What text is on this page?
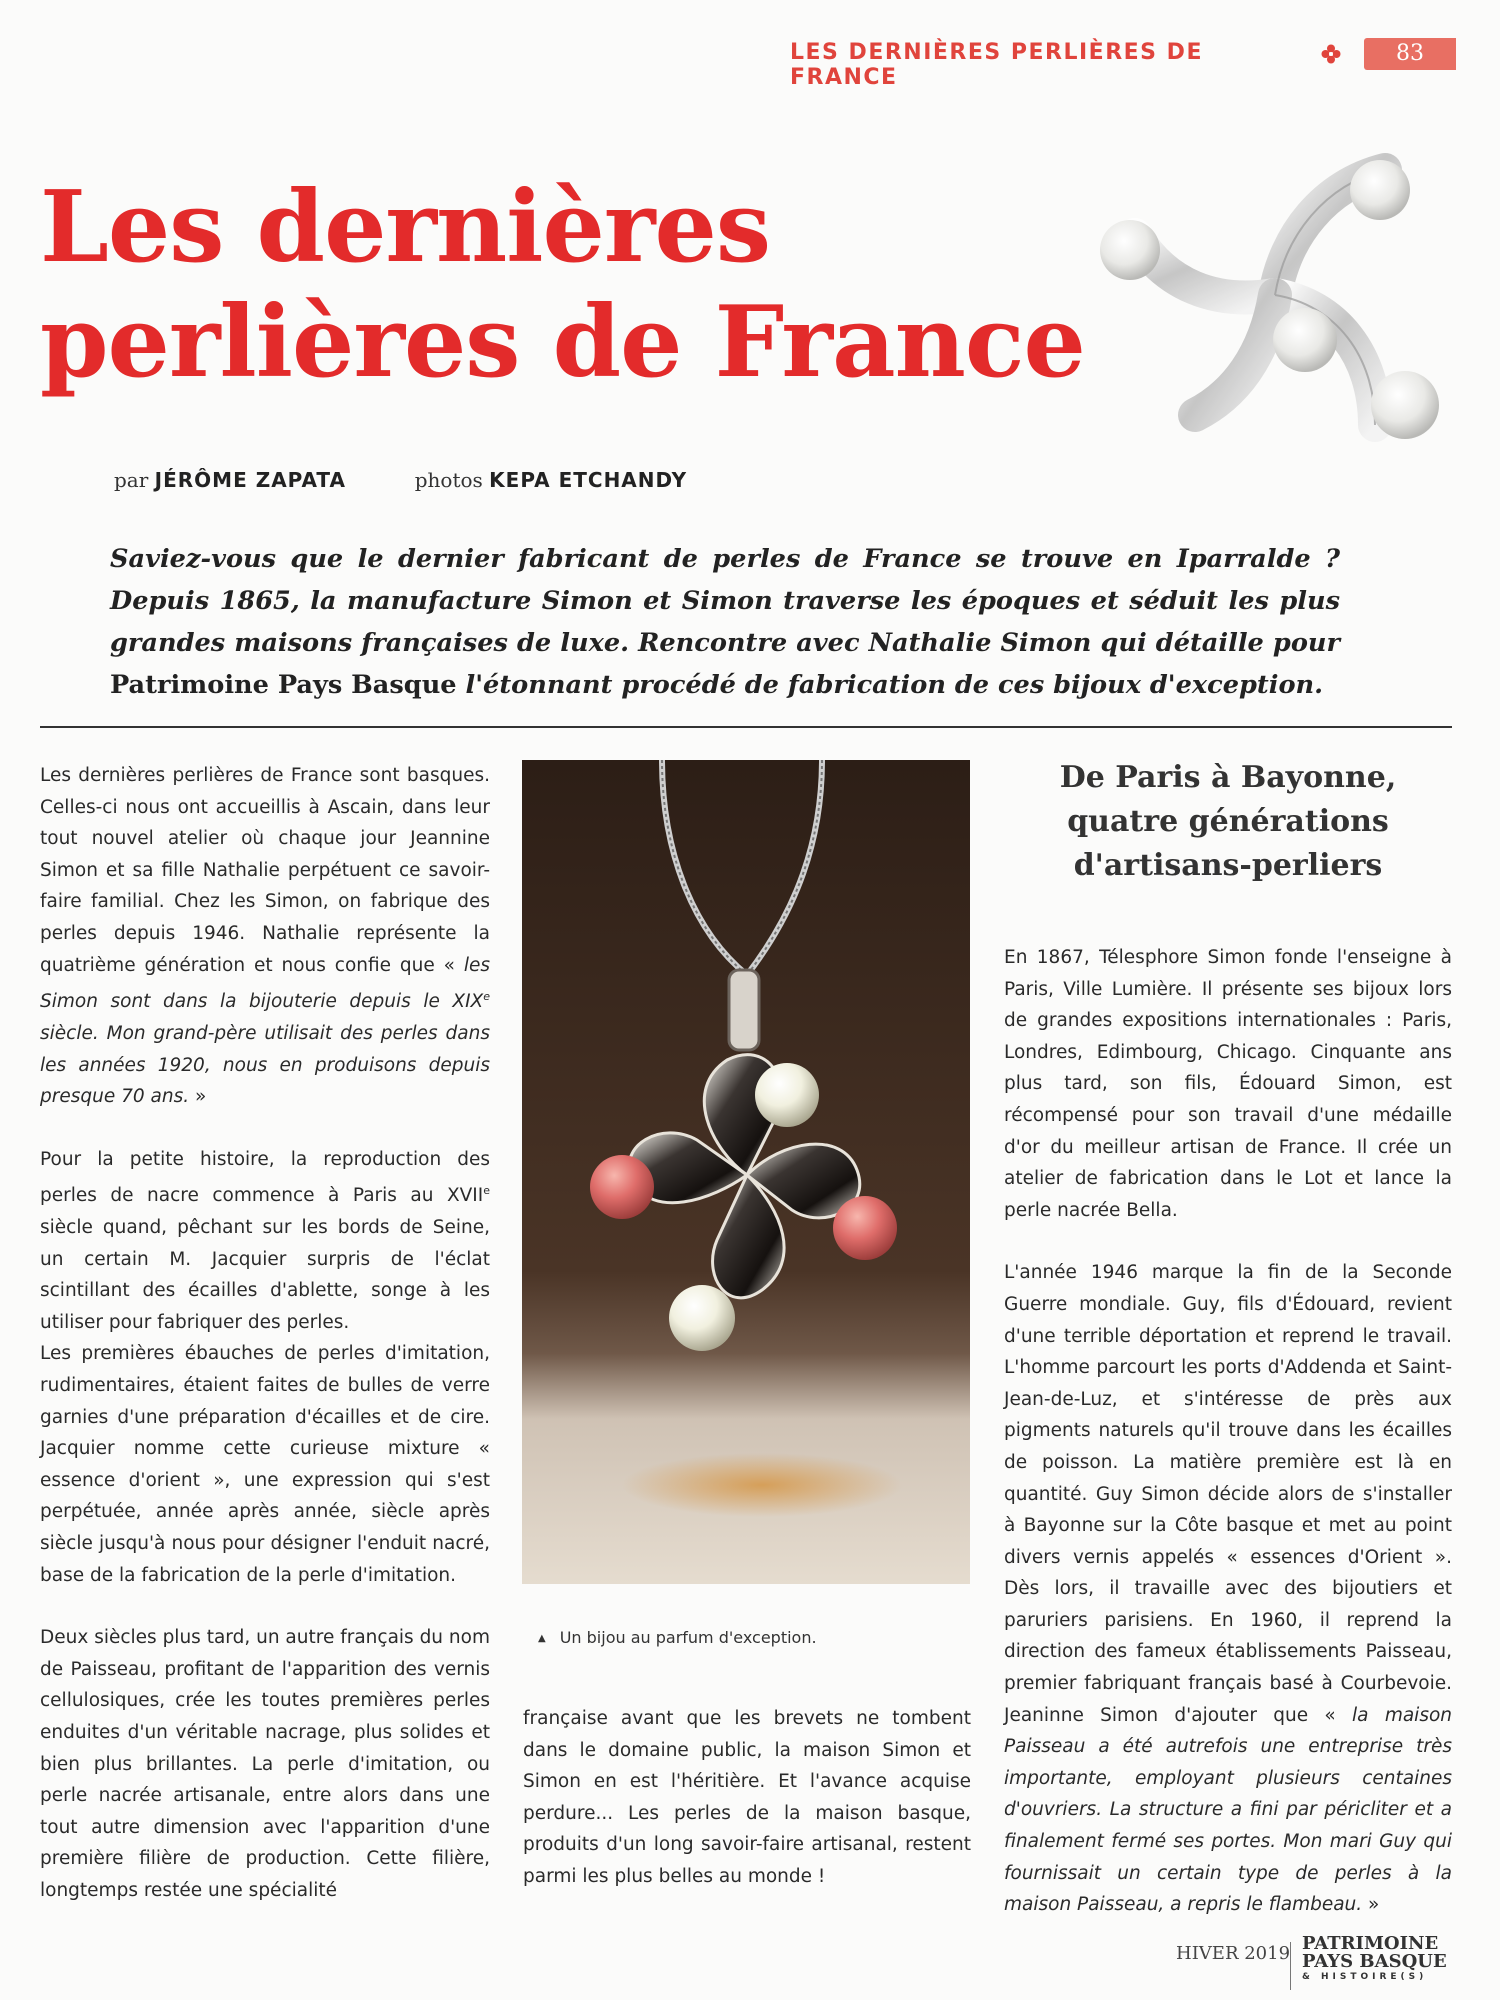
LES DERNIÈRES PERLIÈRES DE FRANCE
83
Les dernières
perlières de France
par JÉRÔME ZAPATA	photos KEPA ETCHANDY
Saviez-vous que le dernier fabricant de perles de France se trouve en Iparralde ? Depuis 1865, la manufacture Simon et Simon traverse les époques et séduit les plus grandes maisons françaises de luxe. Rencontre avec Nathalie Simon qui détaille pour Patrimoine Pays Basque l'étonnant procédé de fabrication de ces bijoux d'exception.

Les dernières perlières de France sont basques. Celles-ci nous ont accueillis à Ascain, dans leur tout nouvel atelier où chaque jour Jeannine Simon et sa fille Nathalie perpétuent ce savoir-faire familial. Chez les Simon, on fabrique des perles depuis 1946. Nathalie représente la quatrième génération et nous confie que « les Simon sont dans la bijouterie depuis le XIXe siècle. Mon grand-père utilisait des perles dans les années 1920, nous en produisons depuis presque 70 ans. »

Pour la petite histoire, la reproduction des perles de nacre commence à Paris au XVIIe siècle quand, pêchant sur les bords de Seine, un certain M. Jacquier surpris de l'éclat scintillant des écailles d'ablette, songe à les utiliser pour fabriquer des perles.

Les premières ébauches de perles d'imitation, rudimentaires, étaient faites de bulles de verre garnies d'une préparation d'écailles et de cire. Jacquier nomme cette curieuse mixture « essence d'orient », une expression qui s'est perpétuée, année après année, siècle après siècle jusqu'à nous pour désigner l'enduit nacré, base de la fabrication de la perle d'imitation.

Deux siècles plus tard, un autre français du nom de Paisseau, profitant de l'apparition des vernis cellulosiques, crée les toutes premières perles enduites d'un véritable nacrage, plus solides et bien plus brillantes. La perle d'imitation, ou perle nacrée artisanale, entre alors dans une tout autre dimension avec l'apparition d'une première filière de production. Cette filière, longtemps restée une spécialité

▲ Un bijou au parfum d'exception.

française avant que les brevets ne tombent dans le domaine public, la maison Simon et Simon en est l'héritière. Et l'avance acquise perdure... Les perles de la maison basque, produits d'un long savoir-faire artisanal, restent parmi les plus belles au monde !

De Paris à Bayonne,
quatre générations
d'artisans-perliers

En 1867, Télesphore Simon fonde l'enseigne à Paris, Ville Lumière. Il présente ses bijoux lors de grandes expositions internationales : Paris, Londres, Edimbourg, Chicago. Cinquante ans plus tard, son fils, Édouard Simon, est récompensé pour son travail d'une médaille d'or du meilleur artisan de France. Il crée un atelier de fabrication dans le Lot et lance la perle nacrée Bella.

L'année 1946 marque la fin de la Seconde Guerre mondiale. Guy, fils d'Édouard, revient d'une terrible déportation et reprend le travail. L'homme parcourt les ports d'Addenda et Saint-Jean-de-Luz, et s'intéresse de près aux pigments naturels qu'il trouve dans les écailles de poisson. La matière première est là en quantité. Guy Simon décide alors de s'installer à Bayonne sur la Côte basque et met au point divers vernis appelés « essences d'Orient ». Dès lors, il travaille avec des bijoutiers et paruriers parisiens. En 1960, il reprend la direction des fameux établissements Paisseau, premier fabriquant français basé à Courbevoie. Jeaninne Simon d'ajouter que « la maison Paisseau a été autrefois une entreprise très importante, employant plusieurs centaines d'ouvriers. La structure a fini par péricliter et a finalement fermé ses portes. Mon mari Guy qui fournissait un certain type de perles à la maison Paisseau, a repris le flambeau. »

HIVER 2019 PATRIMOINE
PAYS BASQUE
& HISTOIRE(S)
